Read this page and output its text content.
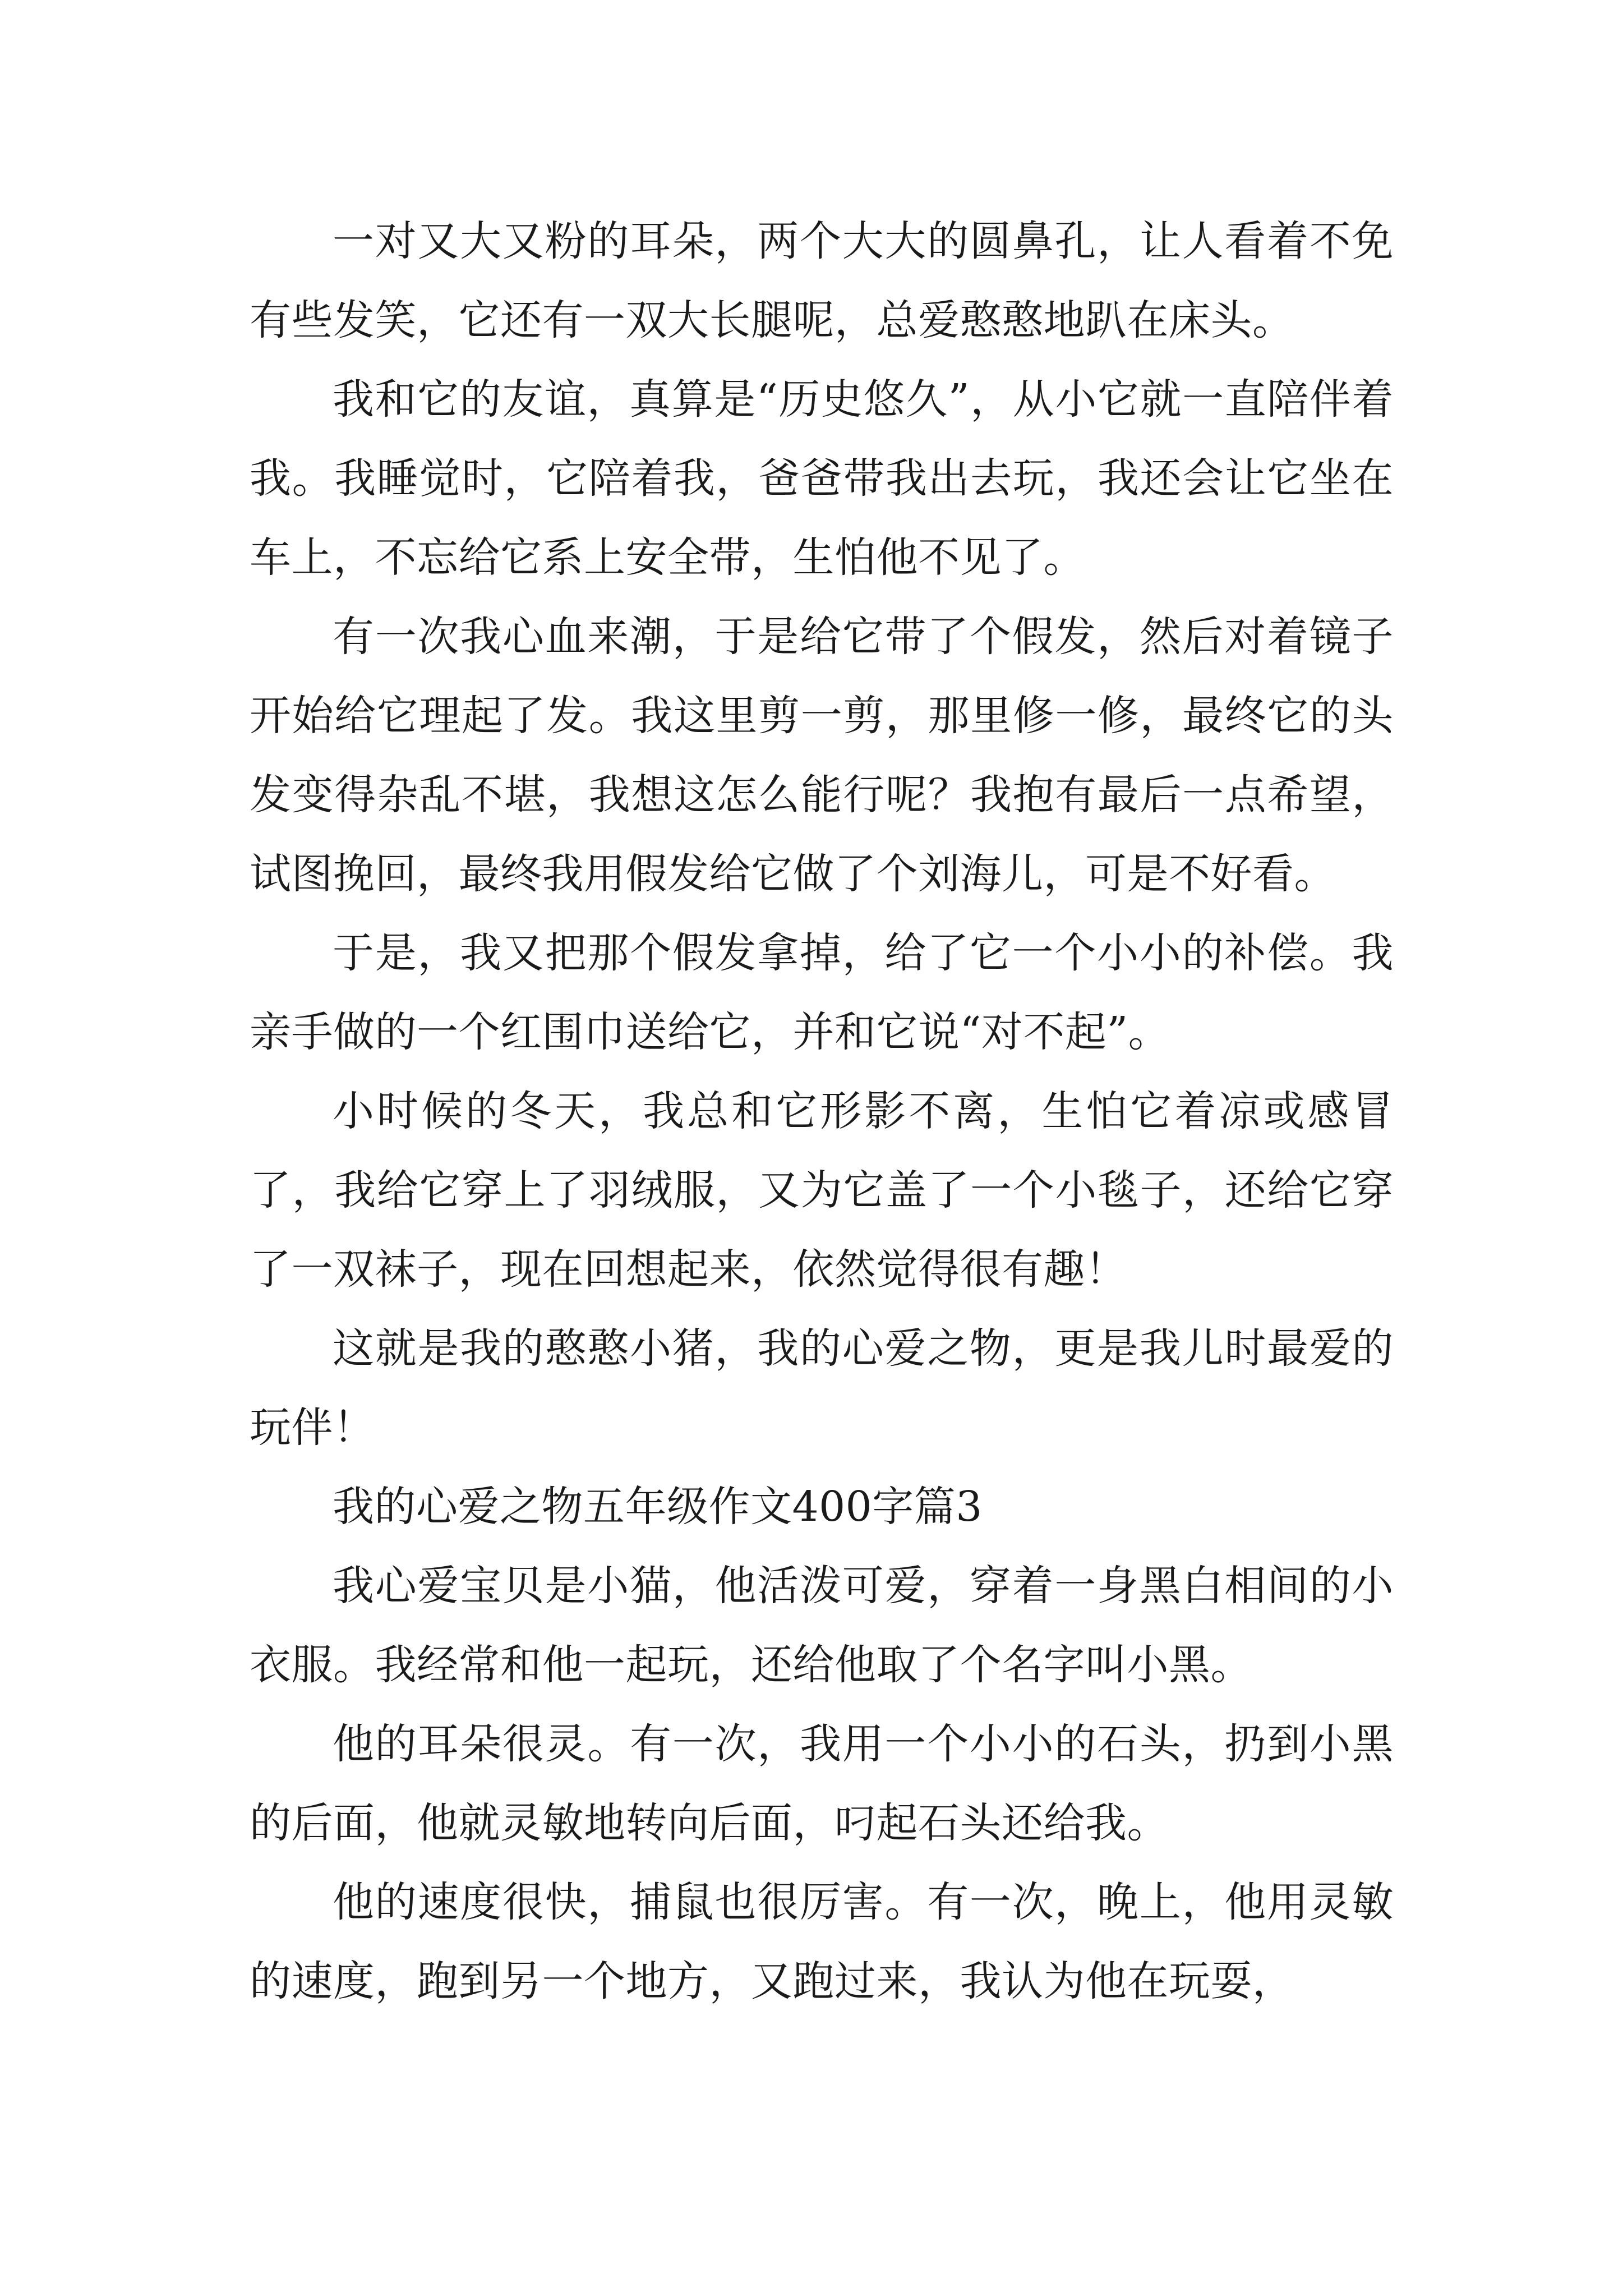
一对又大又粉的耳朵，两个大大的圆鼻孔，让人看着不免有些发笑，它还有一双大长腿呢，总爱憨憨地趴在床头。

我和它的友谊，真算是“历史悠久”，从小它就一直陪伴着我。我睡觉时，它陪着我，爸爸带我出去玩，我还会让它坐在车上，不忘给它系上安全带，生怕他不见了。

有一次我心血来潮，于是给它带了个假发，然后对着镜子开始给它理起了发。我这里剪一剪，那里修一修，最终它的头发变得杂乱不堪，我想这怎么能行呢？我抱有最后一点希望，试图挽回，最终我用假发给它做了个刘海儿，可是不好看。

于是，我又把那个假发拿掉，给了它一个小小的补偿。我亲手做的一个红围巾送给它，并和它说“对不起”。

小时候的冬天，我总和它形影不离，生怕它着凉或感冒了，我给它穿上了羽绒服，又为它盖了一个小毯子，还给它穿了一双袜子，现在回想起来，依然觉得很有趣！

这就是我的憨憨小猪，我的心爱之物，更是我儿时最爱的玩伴！

我的心爱之物五年级作文400字篇3

我心爱宝贝是小猫，他活泼可爱，穿着一身黑白相间的小衣服。我经常和他一起玩，还给他取了个名字叫小黑。

他的耳朵很灵。有一次，我用一个小小的石头，扔到小黑的后面，他就灵敏地转向后面，叼起石头还给我。

他的速度很快，捕鼠也很厉害。有一次，晚上，他用灵敏的速度，跑到另一个地方，又跑过来，我认为他在玩耍，
